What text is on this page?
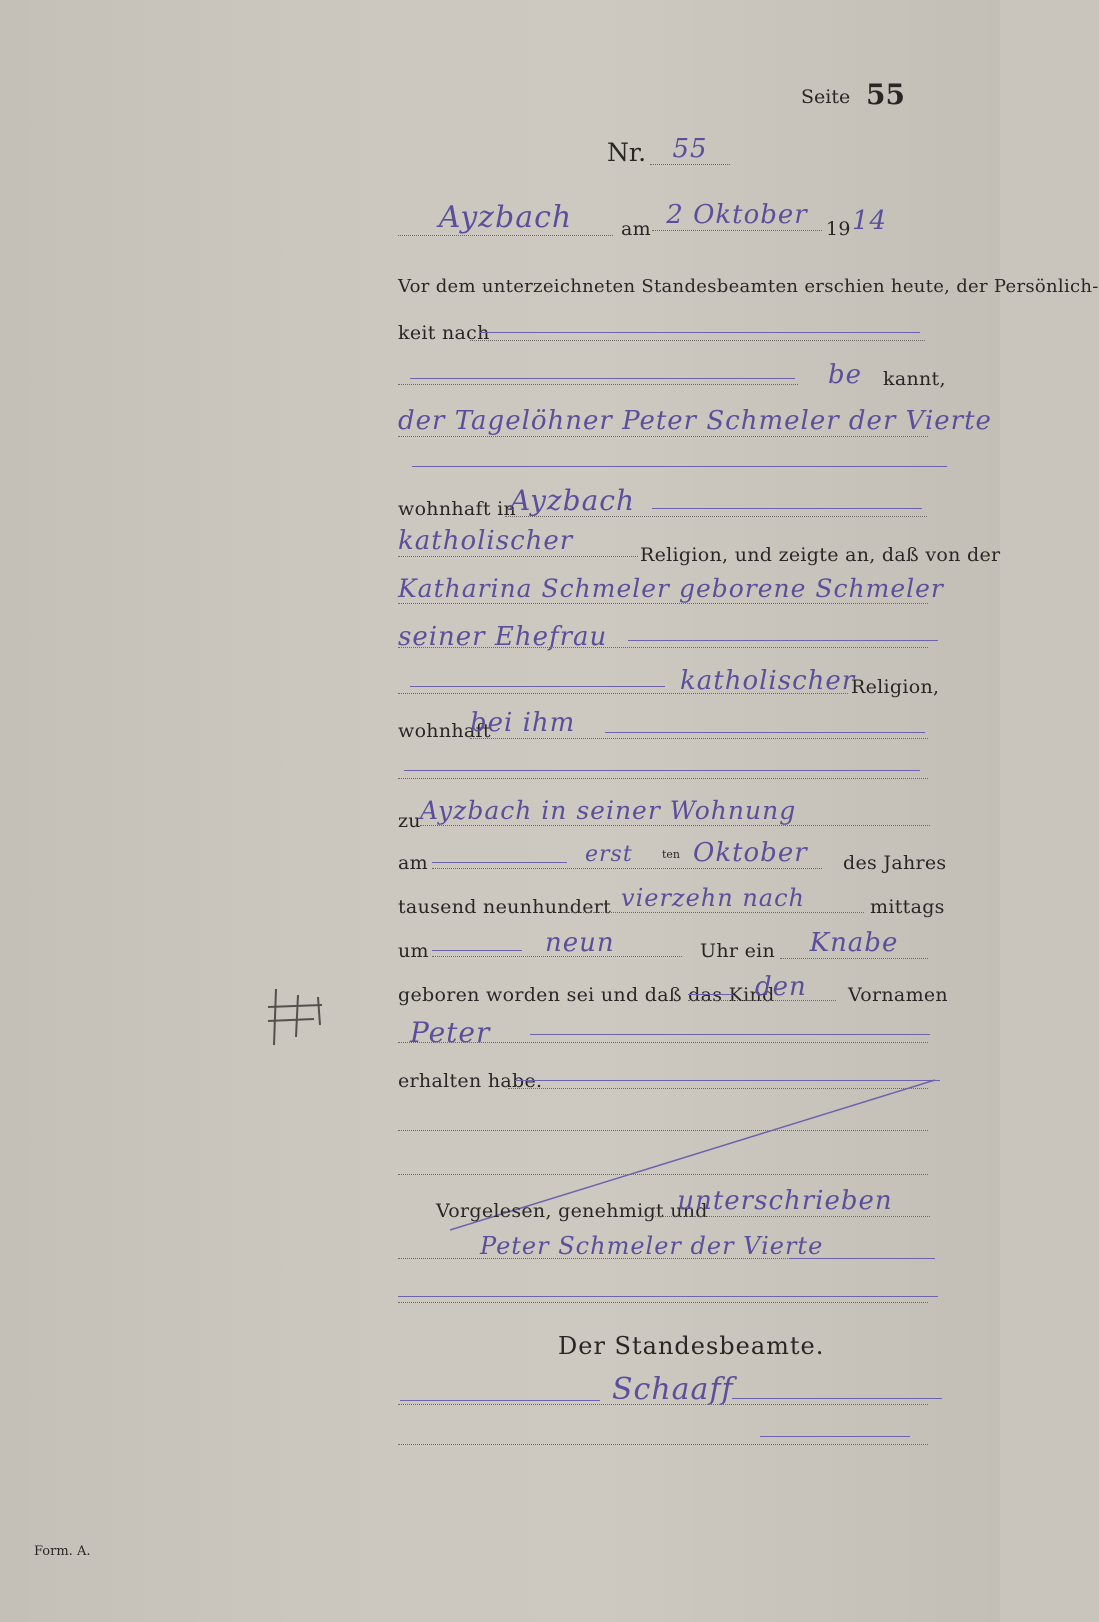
Seite 55
Nr.	55
Ayzbach	am 2 Oktober 19 14
Vor dem unterzeichneten Standesbeamten erschien heute, der Persönlich-
keit nach
be kannt,
der Tagelöhner Peter Schmeler der Vierte
wohnhaft in
Ayzbach
katholischer	Religion, und zeigte an, daß von der
Katharina Schmeler geborene Schmeler
seiner Ehefrau
katholischer
Religion,
wohnhaft
bei ihm
zu Ayzbach in seiner Wohnung
am	erst	ten Oktober des Jahres
tausend neunhundert vierzehn nach	mittags
um	neun	Uhr ein	Knabe
geboren worden sei und daß das Kind
den Vornamen
Peter
erhalten habe.
Vorgelesen, genehmigt und
unterschrieben
Peter Schmeler der Vierte
Der Standesbeamte.
Schaaff
Form. A.
